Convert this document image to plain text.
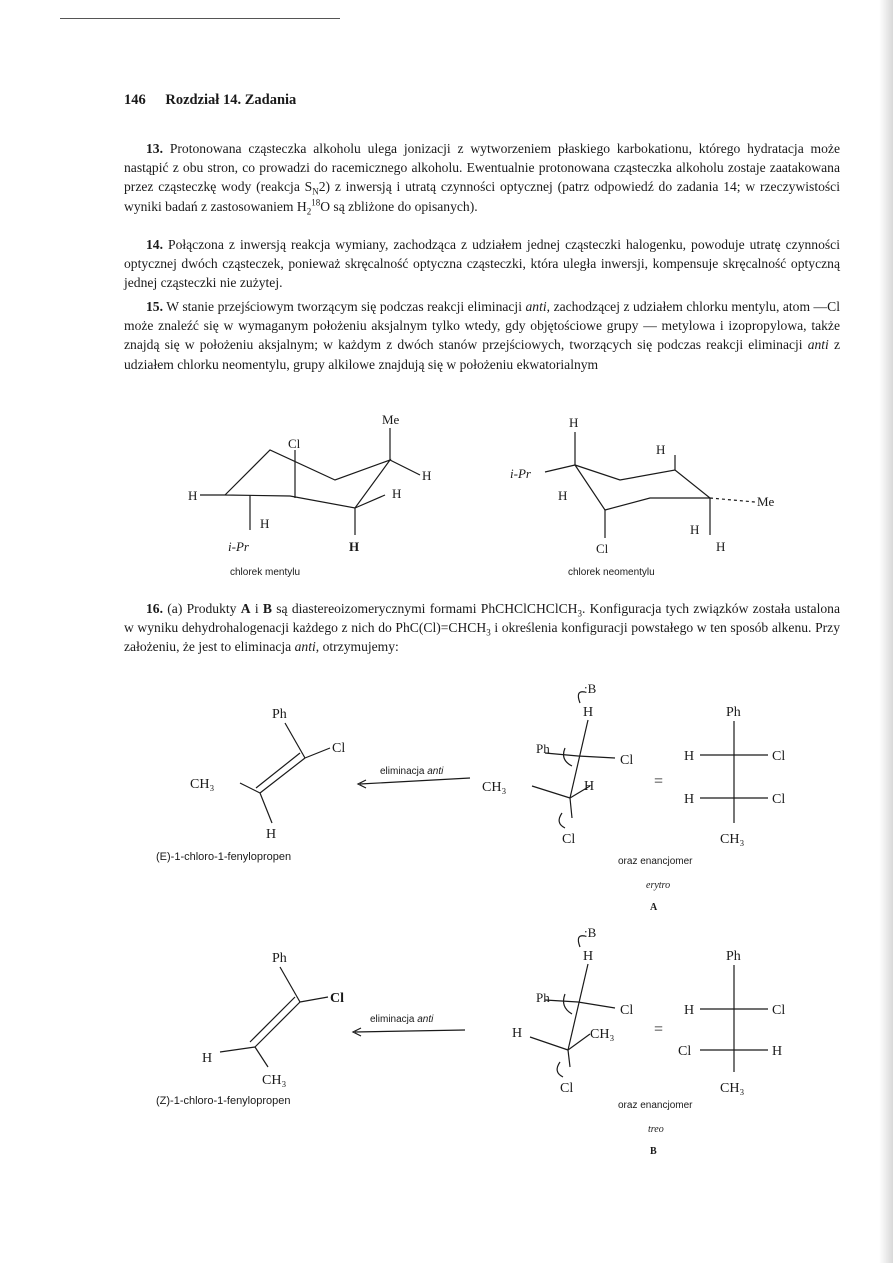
146 Rozdział 14. Zadania

13. Protonowana cząsteczka alkoholu ulega jonizacji z wytworzeniem płaskiego karbokationu, którego hydratacja może nastąpić z obu stron, co prowadzi do racemicznego alkoholu. Ewentualnie protonowana cząsteczka alkoholu zostaje zaatakowana przez cząsteczkę wody (reakcja $S_N2$) z inwersją i utratą czynności optycznej (patrz odpowiedź do zadania 14; w rzeczywistości wyniki badań z zastosowaniem $H_2^{18}O$ są zbliżone do opisanych).

14. Połączona z inwersją reakcja wymiany, zachodząca z udziałem jednej cząsteczki halogenku, powoduje utratę czynności optycznej dwóch cząsteczek, ponieważ skręcalność optyczna cząsteczki, która uległa inwersji, kompensuje skręcalność optyczną jednej cząsteczki nie zużytej.

15. W stanie przejściowym tworzącym się podczas reakcji eliminacji anti, zachodzącej z udziałem chlorku mentylu, atom —Cl może znaleźć się w wymaganym położeniu aksjalnym tylko wtedy, gdy objętościowe grupy — metylowa i izopropylowa, także znajdą się w położeniu aksjalnym; w każdym z dwóch stanów przejściowych, tworzących się podczas reakcji eliminacji anti z udziałem chlorku neomentylu, grupy alkilowe znajdują się w położeniu ekwatorialnym

Me
Cl
H
H
H
H
H
i-Pr
chlorek mentylu
H
H
i-Pr
H	Me
Cl
H
H
chlorek neomentylu

16. (a) Produkty A i B są diastereoizomerycznymi formami PhCHClCHClCH$_3$. Konfiguracja tych związków została ustalona w wyniku dehydrohalogenacji każdego z nich do $PhC(Cl)=CHCH_3$ i określenia konfiguracji powstałego w ten sposób alkenu. Przy założeniu, że jest to eliminacja anti, otrzymujemy:

Ph
Cl
CH₃
H
(E)-1-chloro-1-fenylopropen
eliminacja anti
:B
H
Ph
Cl
CH₃	H
Cl
=
Ph
H	Cl
H	Cl
CH₃
oraz enancjomer
erytro
A
Ph
Cl
H
CH₃
(Z)-1-chloro-1-fenylopropen
eliminacja anti
:B
H
Ph
Cl
H	CH₃
Cl
=
Ph
H	Cl
Cl	H
CH₃
oraz enancjomer
treo
B
